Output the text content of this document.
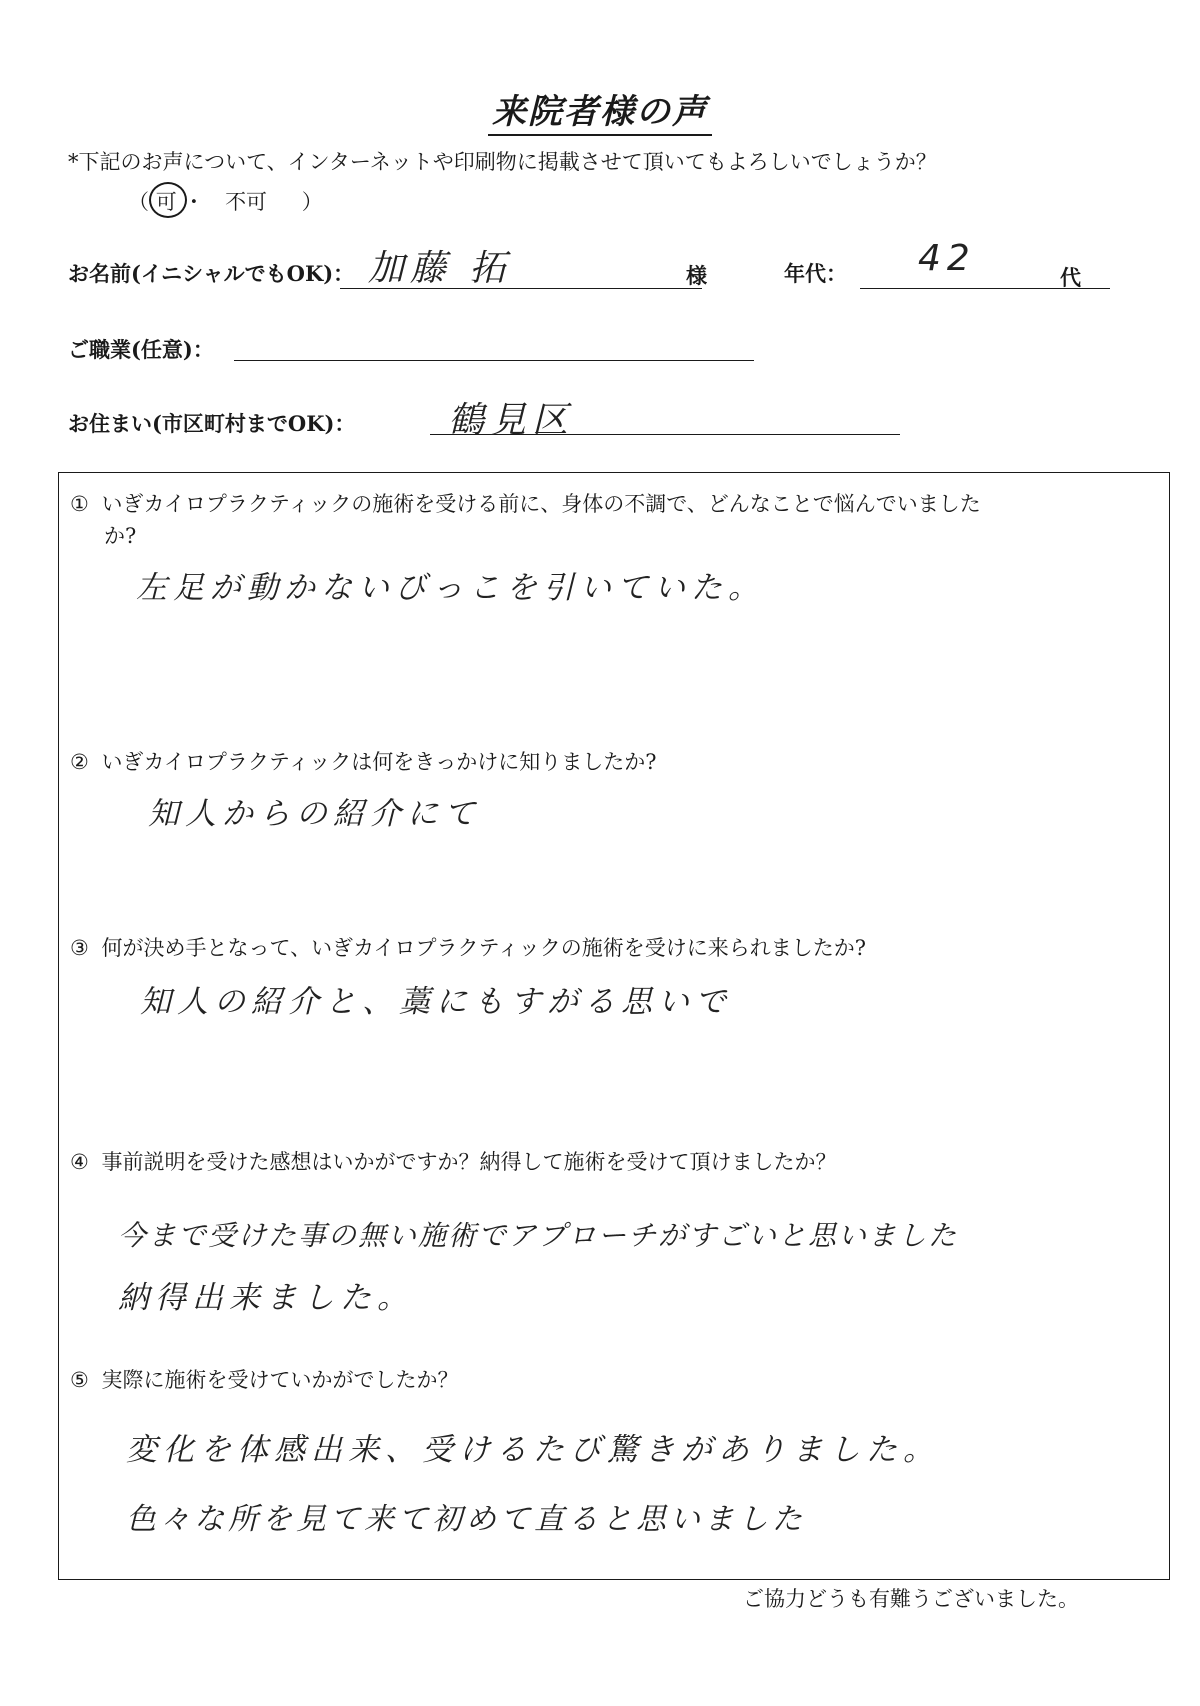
来院者様の声
*下記のお声について、インターネットや印刷物に掲載させて頂いてもよろしいでしょうか？
（ 可 ・ 不可 ）
お名前(イニシャルでもOK)： 加藤 拓	様	年代： 42	代
ご職業(任意)：
お住まい(市区町村までOK)：	鶴見区
① いぎカイロプラクティックの施術を受ける前に、身体の不調で、どんなことで悩んでいました
か?
左足が動かないびっこを引いていた。
② いぎカイロプラクティックは何をきっかけに知りましたか?
知人からの紹介にて
③ 何が決め手となって、いぎカイロプラクティックの施術を受けに来られましたか?
知人の紹介と、藁にもすがる思いで
④ 事前説明を受けた感想はいかがですか？納得して施術を受けて頂けましたか？
今まで受けた事の無い施術でアプローチがすごいと思いました
納得出来ました。
⑤ 実際に施術を受けていかがでしたか？
変化を体感出来、受けるたび驚きがありました。
色々な所を見て来て初めて直ると思いました
ご協力どうも有難うございました。
